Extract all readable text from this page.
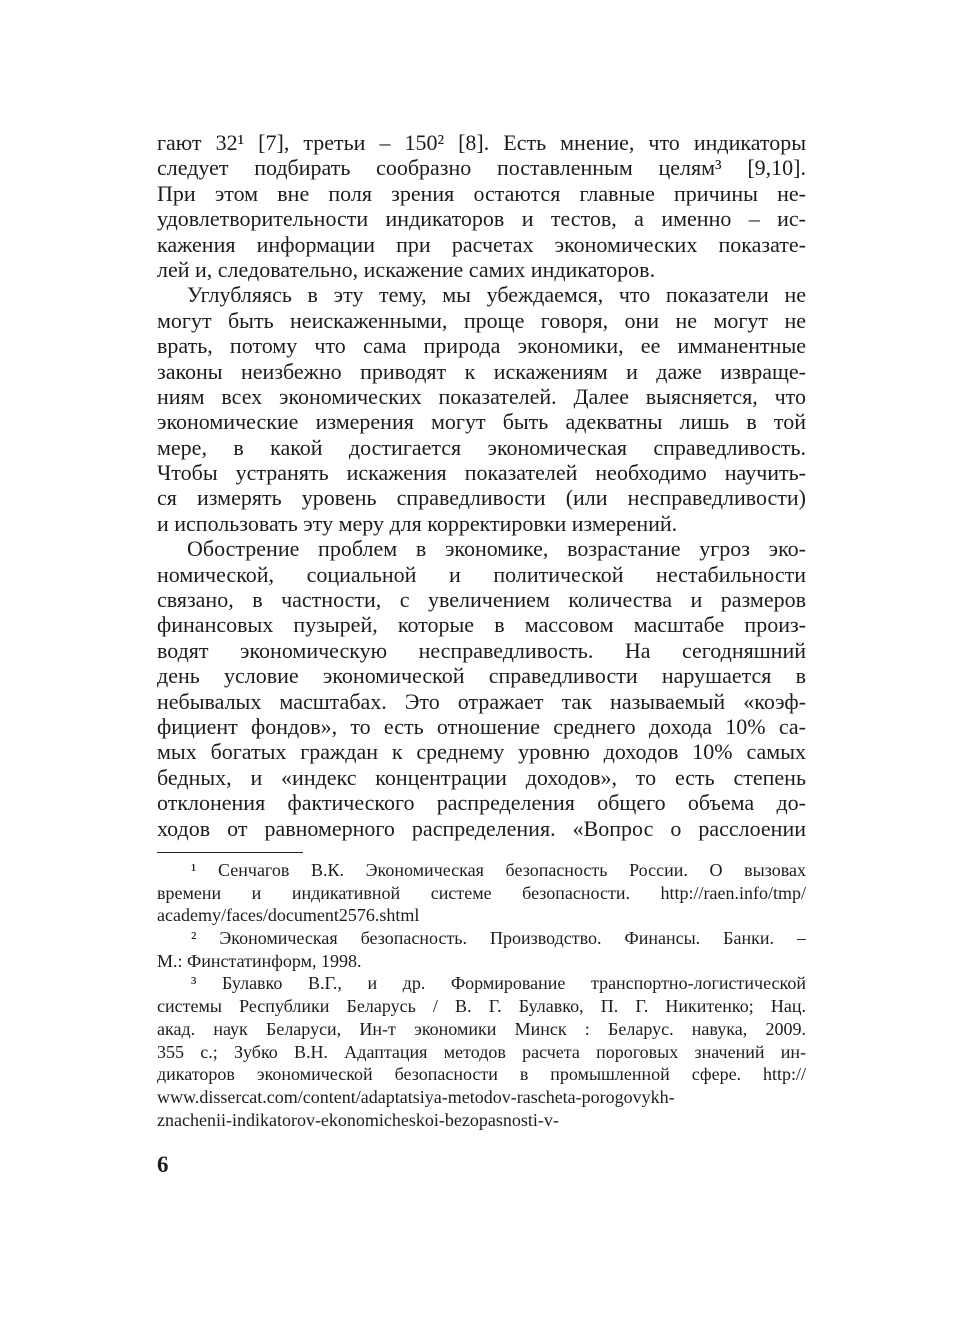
гают 32¹ [7], третьи – 150² [8]. Есть мнение, что индикаторы
следует подбирать сообразно поставленным целям³ [9,10].
При этом вне поля зрения остаются главные причины не-
удовлетворительности индикаторов и тестов, а именно – ис-
кажения информации при расчетах экономических показате-
лей и, следовательно, искажение самих индикаторов.
Углубляясь в эту тему, мы убеждаемся, что показатели не
могут быть неискаженными, проще говоря, они не могут не
врать, потому что сама природа экономики, ее имманентные
законы неизбежно приводят к искажениям и даже извраще-
ниям всех экономических показателей. Далее выясняется, что
экономические измерения могут быть адекватны лишь в той
мере, в какой достигается экономическая справедливость.
Чтобы устранять искажения показателей необходимо научить-
ся измерять уровень справедливости (или несправедливости)
и использовать эту меру для корректировки измерений.
Обострение проблем в экономике, возрастание угроз эко-
номической, социальной и политической нестабильности
связано, в частности, с увеличением количества и размеров
финансовых пузырей, которые в массовом масштабе произ-
водят экономическую несправедливость. На сегодняшний
день условие экономической справедливости нарушается в
небывалых масштабах. Это отражает так называемый «коэф-
фициент фондов», то есть отношение среднего дохода 10% са-
мых богатых граждан к среднему уровню доходов 10% самых
бедных, и «индекс концентрации доходов», то есть степень
отклонения фактического распределения общего объема до-
ходов от равномерного распределения. «Вопрос о расслоении
¹ Сенчагов В.К. Экономическая безопасность России. О вызовах
времени и индикативной системе безопасности. http://raen.info/tmp/
academy/faces/document2576.shtml
² Экономическая безопасность. Производство. Финансы. Банки. –
М.: Финстатинформ, 1998.
³ Булавко В.Г., и др. Формирование транспортно-логистической
системы Республики Беларусь / В. Г. Булавко, П. Г. Никитенко; Нац.
акад. наук Беларуси, Ин-т экономики Минск : Беларус. навука, 2009.
355 с.; Зубко В.Н. Адаптация методов расчета пороговых значений ин-
дикаторов экономической безопасности в промышленной сфере. http://
www.dissercat.com/content/adaptatsiya-metodov-rascheta-porogovykh-
znachenii-indikatorov-ekonomicheskoi-bezopasnosti-v-
6
